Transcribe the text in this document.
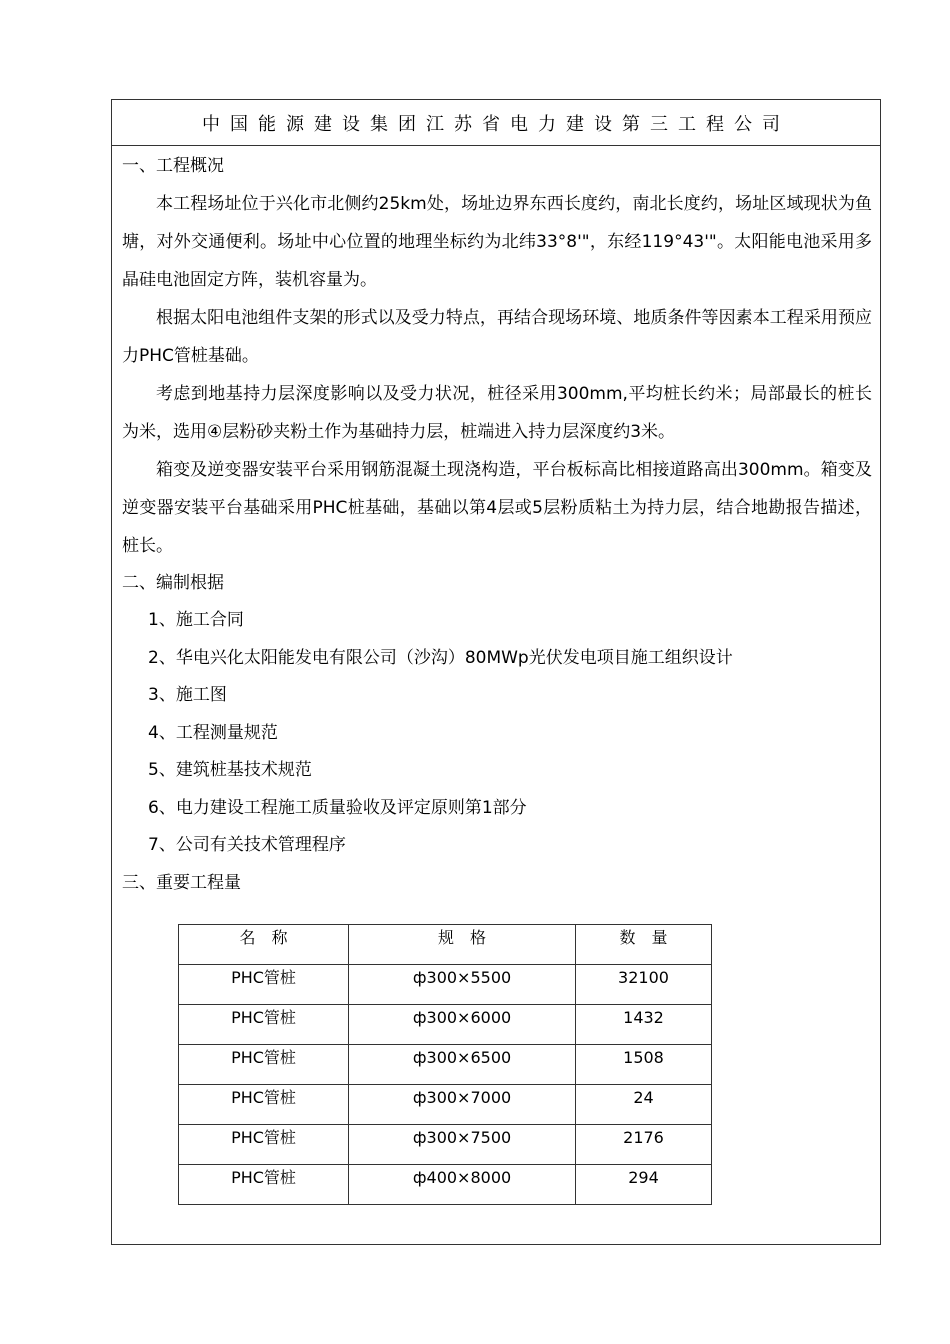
中国能源建设集团江苏省电力建设第三工程公司
一、工程概况

本工程场址位于兴化市北侧约25km处，场址边界东西长度约，南北长度约，场址区域现状为鱼塘，对外交通便利。场址中心位置的地理坐标约为北纬33°8'"，东经119°43'"。太阳能电池采用多晶硅电池固定方阵，装机容量为。

根据太阳电池组件支架的形式以及受力特点，再结合现场环境、地质条件等因素本工程采用预应力PHC管桩基础。

考虑到地基持力层深度影响以及受力状况，桩径采用300mm,平均桩长约米；局部最长的桩长为米，选用④层粉砂夹粉土作为基础持力层，桩端进入持力层深度约3米。

箱变及逆变器安装平台采用钢筋混凝土现浇构造，平台板标高比相接道路高出300mm。箱变及逆变器安装平台基础采用PHC桩基础，基础以第4层或5层粉质粘土为持力层，结合地勘报告描述，桩长。

二、编制根据
1、施工合同
2、华电兴化太阳能发电有限公司（沙沟）80MWp光伏发电项目施工组织设计
3、施工图
4、工程测量规范
5、建筑桩基技术规范
6、电力建设工程施工质量验收及评定原则第1部分
7、公司有关技术管理程序
三、重要工程量
名　称	规　格	数　量
PHC管桩	ф300×5500	32100
PHC管桩	ф300×6000	1432
PHC管桩	ф300×6500	1508
PHC管桩	ф300×7000	24
PHC管桩	ф300×7500	2176
PHC管桩	ф400×8000	294
